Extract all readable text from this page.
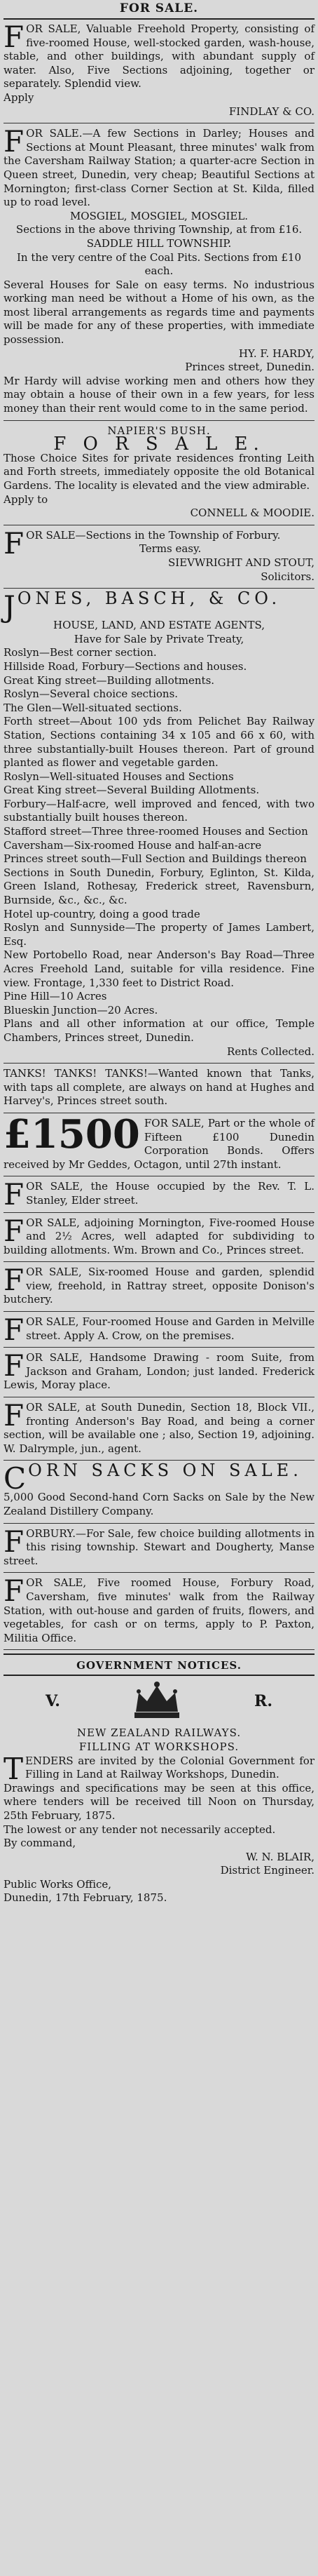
FOR SALE.

FOR SALE, Valuable Freehold Property, consisting of five-roomed House, well-stocked garden, wash-house, stable, and other buildings, with abundant supply of water. Also, Five Sections adjoining, together or separately. Splendid view.

Apply

FINDLAY & CO.

FOR SALE.—A few Sections in Darley; Houses and Sections at Mount Pleasant, three minutes' walk from the Caversham Railway Station; a quarter-acre Section in Queen street, Dunedin, very cheap; Beautiful Sections at Mornington; first-class Corner Section at St. Kilda, filled up to road level.

MOSGIEL, MOSGIEL, MOSGIEL.

Sections in the above thriving Township, at from £16.

SADDLE HILL TOWNSHIP.

In the very centre of the Coal Pits. Sections from £10 each.

Several Houses for Sale on easy terms. No industrious working man need be without a Home of his own, as the most liberal arrangements as regards time and payments will be made for any of these properties, with immediate possession.

HY. F. HARDY,

Princes street, Dunedin.

Mr Hardy will advise working men and others how they may obtain a house of their own in a few years, for less money than their rent would come to in the same period.

NAPIER'S BUSH.

F O R S A L E.

Those Choice Sites for private residences fronting Leith and Forth streets, immediately opposite the old Botanical Gardens. The locality is elevated and the view admirable.

Apply to

CONNELL & MOODIE.

FOR SALE—Sections in the Township of Forbury.

Terms easy.

SIEVWRIGHT AND STOUT,

Solicitors.

JONES, BASCH, & CO.

HOUSE, LAND, AND ESTATE AGENTS,

Have for Sale by Private Treaty,

Roslyn—Best corner section.

Hillside Road, Forbury—Sections and houses.

Great King street—Building allotments.

Roslyn—Several choice sections.

The Glen—Well-situated sections.

Forth street—About 100 yds from Pelichet Bay Railway Station, Sections containing 34 x 105 and 66 x 60, with three substantially-built Houses thereon. Part of ground planted as flower and vegetable garden.

Roslyn—Well-situated Houses and Sections

Great King street—Several Building Allotments.

Forbury—Half-acre, well improved and fenced, with two substantially built houses thereon.

Stafford street—Three three-roomed Houses and Section

Caversham—Six-roomed House and half-an-acre

Princes street south—Full Section and Buildings thereon

Sections in South Dunedin, Forbury, Eglinton, St. Kilda, Green Island, Rothesay, Frederick street, Ravensburn, Burnside, &c., &c., &c.

Hotel up-country, doing a good trade

Roslyn and Sunnyside—The property of James Lambert, Esq.

New Portobello Road, near Anderson's Bay Road—Three Acres Freehold Land, suitable for villa residence. Fine view. Frontage, 1,330 feet to District Road.

Pine Hill—10 Acres

Blueskin Junction—20 Acres.

Plans and all other information at our office, Temple Chambers, Princes street, Dunedin.

Rents Collected.

TANKS! TANKS! TANKS!—Wanted known that Tanks, with taps all complete, are always on hand at Hughes and Harvey's, Princes street south.

£1500 FOR SALE, Part or the whole of Fifteen £100 Dunedin Corporation Bonds. Offers received by Mr Geddes, Octagon, until 27th instant.

FOR SALE, the House occupied by the Rev. T. L. Stanley, Elder street.

FOR SALE, adjoining Mornington, Five-roomed House and 2½ Acres, well adapted for subdividing to building allotments. Wm. Brown and Co., Princes street.

FOR SALE, Six-roomed House and garden, splendid view, freehold, in Rattray street, opposite Donison's butchery.

FOR SALE, Four-roomed House and Garden in Melville street. Apply A. Crow, on the premises.

FOR SALE, Handsome Drawing - room Suite, from Jackson and Graham, London; just landed. Frederick Lewis, Moray place.

FOR SALE, at South Dunedin, Section 18, Block VII., fronting Anderson's Bay Road, and being a corner section, will be available one ; also, Section 19, adjoining. W. Dalrymple, jun., agent.

CORN SACKS ON SALE.

5,000 Good Second-hand Corn Sacks on Sale by the New Zealand Distillery Company.

FORBURY.—For Sale, few choice building allotments in this rising township. Stewart and Dougherty, Manse street.

FOR SALE, Five roomed House, Forbury Road, Caversham, five minutes' walk from the Railway Station, with out-house and garden of fruits, flowers, and vegetables, for cash or on terms, apply to P. Paxton, Militia Office.

GOVERNMENT NOTICES.
V.	R.

NEW ZEALAND RAILWAYS.

FILLING AT WORKSHOPS.

TENDERS are invited by the Colonial Government for Filling in Land at Railway Workshops, Dunedin.

Drawings and specifications may be seen at this office, where tenders will be received till Noon on Thursday, 25th February, 1875.

The lowest or any tender not necessarily accepted.

By command,

W. N. BLAIR,

District Engineer.

Public Works Office,

Dunedin, 17th February, 1875.
